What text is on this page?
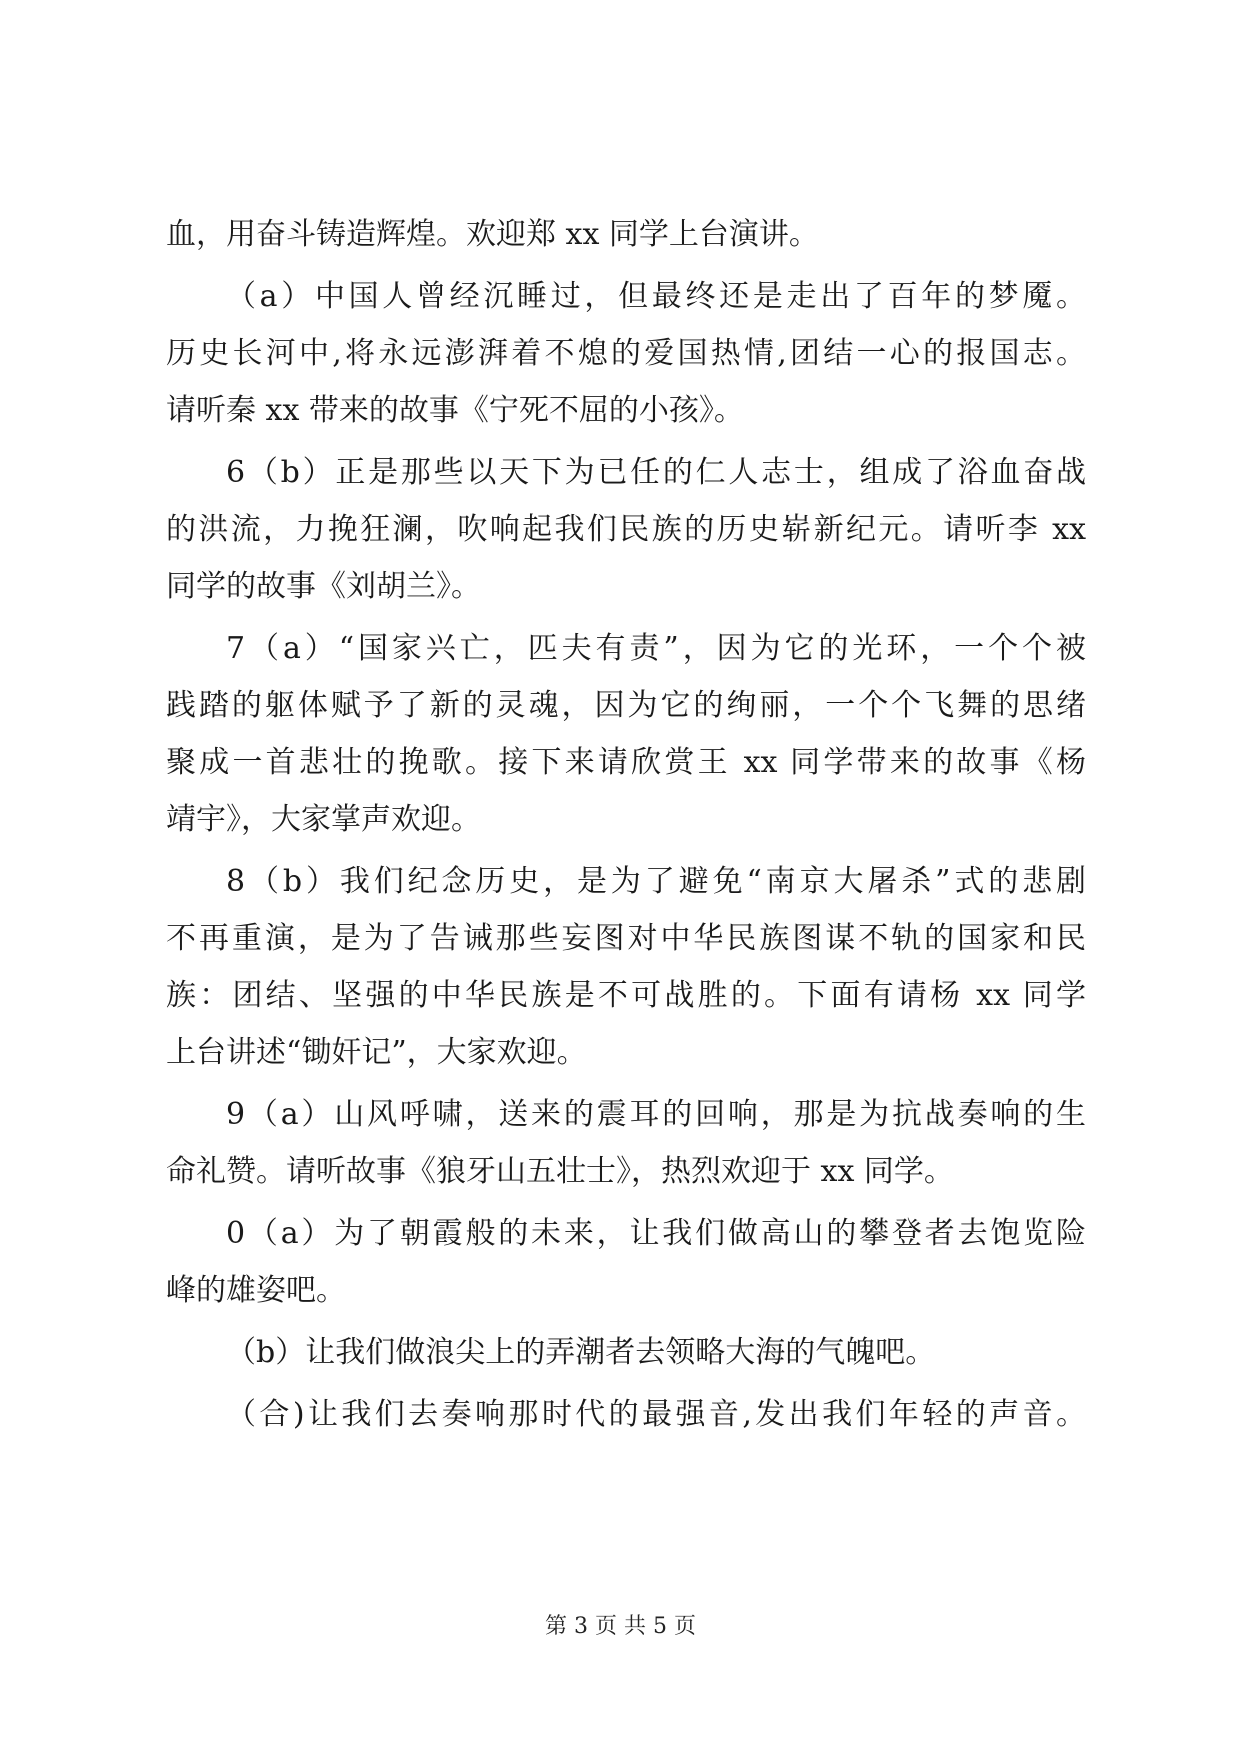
血，用奋斗铸造辉煌。欢迎郑 xx 同学上台演讲。
（a）中国人曾经沉睡过，但最终还是走出了百年的梦魇。
历史长河中,将永远澎湃着不熄的爱国热情,团结一心的报国志。
请听秦 xx 带来的故事《宁死不屈的小孩》。
6（b）正是那些以天下为已任的仁人志士，组成了浴血奋战
的洪流，力挽狂澜，吹响起我们民族的历史崭新纪元。请听李 xx
同学的故事《刘胡兰》。
7（a）“国家兴亡，匹夫有责”，因为它的光环，一个个被
践踏的躯体赋予了新的灵魂，因为它的绚丽，一个个飞舞的思绪
聚成一首悲壮的挽歌。接下来请欣赏王 xx 同学带来的故事《杨
靖宇》，大家掌声欢迎。
8（b）我们纪念历史，是为了避免“南京大屠杀”式的悲剧
不再重演，是为了告诫那些妄图对中华民族图谋不轨的国家和民
族：团结、坚强的中华民族是不可战胜的。下面有请杨 xx 同学
上台讲述“锄奸记”，大家欢迎。
9（a）山风呼啸，送来的震耳的回响，那是为抗战奏响的生
命礼赞。请听故事《狼牙山五壮士》，热烈欢迎于 xx 同学。
0（a）为了朝霞般的未来，让我们做高山的攀登者去饱览险
峰的雄姿吧。
（b）让我们做浪尖上的弄潮者去领略大海的气魄吧。
（合)让我们去奏响那时代的最强音,发出我们年轻的声音。
第 3 页 共 5 页
